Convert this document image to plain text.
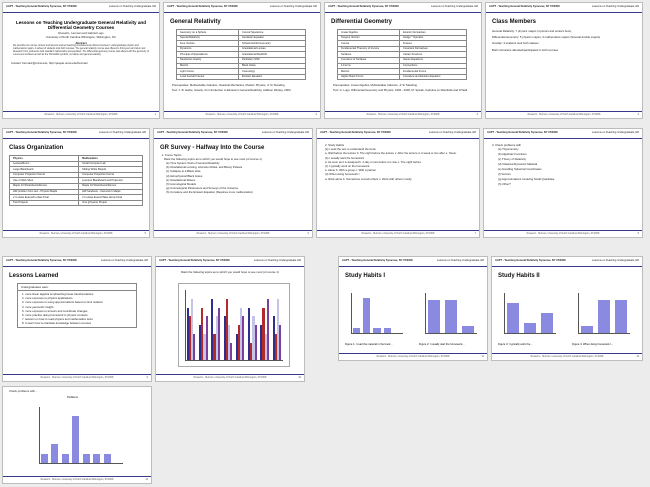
AAPT - Teaching General Relativity Syracuse, NY 07/2008	Lessons on Teaching Undergraduate GR
Lessons on Teaching Undergraduate General Relativity and Differential Geometry Courses
Russell L. Herman and Gabriel Lugo
University of North Carolina Wilmington, Wilmington, NC
Abstract
We describe the course content and lessons learned teaching simultaneously offered courses in undergraduate physics and mathematics majors. A subset of students took both courses. The general relativity course was offered to third-year curriculum and Research from professors with standard mathematics prerequisites. The differential geometry course was altered with the geometry of curves and surfaces as well as the Christoffel symbols, curvature and general relativity.
Contact: hermanr@uncw.edu, http://people.uncw.edu/hermanr
Russell L. Herman, University of North Carolina Wilmington, 07/2008	1
AAPT - Teaching General Relativity Syracuse, NY 07/2008	Lessons on Teaching Undergraduate GR
General Relativity
Geometry on a Sphere	Curved Spacetime
Special Relativity	Geodesic Equation
Four Vectors	Schwarzschild Geometry
Dynamics	Gravitational Lenses
Principle of Equivalence	Gravitational Redshift
Newtonian Gravity	Perihelion Shift
Metrics	Black Holes
Light Cones	Cosmology
Local Inertial Frames	Einstein Equation
Prerequisites: Multivariable Calculus, Classical Mechanics, Modern Physics, Jr Sr Standing
Text: J. B. Hartle, Gravity: An Introduction to Einstein's General Relativity, Addison Wesley, 2003.
Russell L. Herman, University of North Carolina Wilmington, 07/2008	2
AAPT - Teaching General Relativity Syracuse, NY 07/2008	Lessons on Teaching Undergraduate GR
Differential Geometry
Linear Algebra	Exterior Derivatives
Tangent Vectors	Hodge * Operator
Curves	Frames
Fundamental Theorem of Curves	Covariant Derivatives
Surfaces	Cartan Structure
Curvature of Surfaces	Gauss Equations
1-Forms	Connections
Metrics	Fundamental Forms
Higher Rank Forms	Curvature and Einstein Equation
Prerequisites: Linear Algebra, Multivariable Calculus, Jr Sr Standing
Text: G. Lugo, Differential Geometry and Physics, 1992 - 2006; M. Spivak, Calculus on Manifolds and O'Neill.
Russell L. Herman, University of North Carolina Wilmington, 07/2008	3
AAPT - Teaching General Relativity Syracuse, NY 07/2008	Lessons on Teaching Undergraduate GR
Class Members
General Relativity: 7 physics majors (4 juniors and seniors here)
Differential Geometry: 5 physics majors, 3 mathematics majors (Several double majors)
Overlap: 3 students took both classes
Both instructors attended/participated in both courses
Russell L. Herman, University of North Carolina Wilmington, 07/2008	4
AAPT - Teaching General Relativity Syracuse, NY 07/2008	Lessons on Teaching Undergraduate GR
Class Organization
Physics	Mathematics
Lecture/Room	Small Computer Lab
Large Blackboard	Sliding White Boards
Computer Projection Kernel	Computer Projection Kernel
Use of Web Sites	Lectures Blackboard and Projected
Maple 10 Worksheets/Demos	Maple 10 Worksheets/Demos
HW problem from text - Physics Maple	HW handouts - Instructor's Maple
2 In-class Exams/In-class Final	2 In-class Exams/Take Home Final
Two Projects	One (physics) Project
Russell L. Herman, University of North Carolina Wilmington, 07/2008	5
AAPT - Teaching General Relativity Syracuse, NY 07/2008	Lessons on Teaching Undergraduate GR
GR Survey - Halfway Into the Course
1. Focus Topics
Rank the following topics as to which you would hope to see most (of course 1)
(a) Time System Tools of General Relativity
(b) Gravitational Lensing, Accretion Disks, and Binary Pulsars
(c) Collapse to a Black Hole
(d) Astrophysical Black Holes
(e) Gravitational Waves
(f) Cosmological Models
(g) Cosmological Parameters and Surveys of the Universe
(h) Curvature and the Einstein Equation (Requires more mathematics)
Russell L. Herman, University of North Carolina Wilmington, 07/2008	6
AAPT - Teaching General Relativity Syracuse, NY 07/2008	Lessons on Teaching Undergraduate GR
2. Study Habits
(a) I read the text to understand the book
a. Well before the lecture b. The night before the lecture c. After the lecture d. A week or two after e. Never
(b) I usually start the homework
a. As soon as it is assigned b. A day or two before it is due c. The night before
(c) I typically work on the homework
a. Alone b. With a group c. With a partner
(d) When doing homework I
a. Work alone b. Sometimes consult others c. Work with others mostly
Russell L. Herman, University of North Carolina Wilmington, 07/2008	7
AAPT - Teaching General Relativity Syracuse, NY 07/2008	Lessons on Teaching Undergraduate GR
3. Check problems with
(a) Trigonometry
(b) Algebraic Functions
(c) Theory of Relativity
(d) Classical Dynamics Material
(e) Handling Spherical Coordinates
(f) Vectors
(g) Approximations Involving Small Quantities
(h) Other?
Russell L. Herman, University of North Carolina Wilmington, 07/2008	8
AAPT - Teaching General Relativity Syracuse, NY 07/2008	Lessons on Teaching Undergraduate GR
Lessons Learned
Undergraduates want:
1. more linear algebra emphasizing linear transformations
2. more exposure to physics applications
3. more exposure to using approximations based on limit notation
4. more geometric insight
5. more exposure to tensors and coordinate changes
6. more practice doing homework in physics contexts
7. lessons on how to read physics and mathematics texts
8. to learn how to translate knowledge between courses
Russell L. Herman, University of North Carolina Wilmington, 07/2008	9
AAPT - Teaching General Relativity Syracuse, NY 07/2008	Lessons on Teaching Undergraduate GR
Rank the following topics as to which you would hope to see most (of course 1)
Russell L. Herman, University of North Carolina Wilmington, 07/2008	10
AAPT - Teaching General Relativity Syracuse, NY 07/2008	Lessons on Teaching Undergraduate GR
Study Habits I
Figure 1: I read the material in the book...	Figure 2: I usually start the homework...
Russell L. Herman, University of North Carolina Wilmington, 07/2008	11
AAPT - Teaching General Relativity Syracuse, NY 07/2008	Lessons on Teaching Undergraduate GR
Study Habits II
Figure 3: I typically work the...	Figure 4: When doing homework I...
Russell L. Herman, University of North Carolina Wilmington, 07/2008	12
Check problems with...
Problems
Russell L. Herman, University of North Carolina Wilmington, 07/2008	13
